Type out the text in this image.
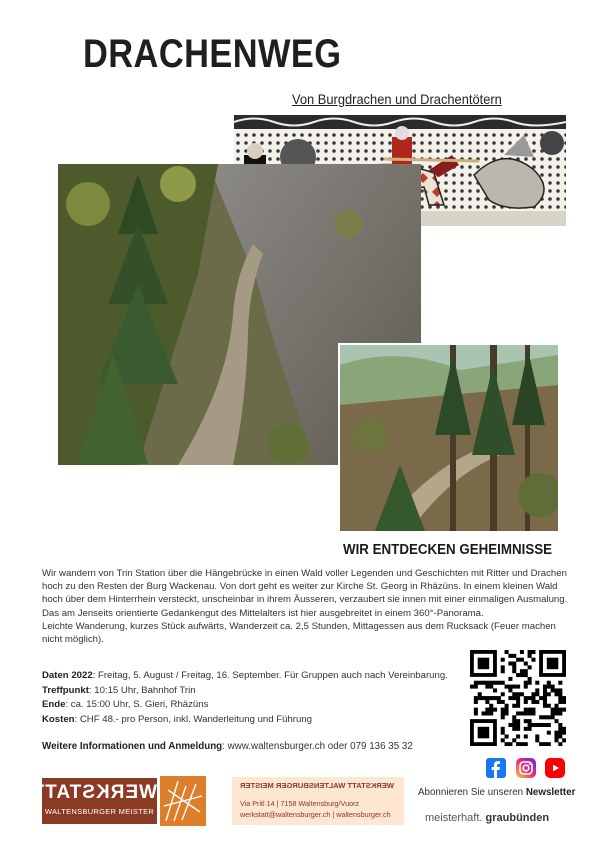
DRACHENWEG
Von Burgdrachen und Drachentötern
WIR ENTDECKEN GEHEIMNISSE

Wir wandern von Trin Station über die Hängebrücke in einen Wald voller Legenden und Geschichten mit Ritter und Drachen hoch zu den Resten der Burg Wackenau. Von dort geht es weiter zur Kirche St. Georg in Rhäzüns. In einem kleinen Wald hoch über dem Hinterrhein versteckt, unscheinbar in ihrem Äusseren, verzaubert sie innen mit einer einmaligen Ausmalung. Das am Jenseits orientierte Gedankengut des Mittelalters ist hier ausgebreitet in einem 360°-Panorama.

Leichte Wanderung, kurzes Stück aufwärts, Wanderzeit ca. 2,5 Stunden, Mittagessen aus dem Rucksack (Feuer machen nicht möglich).

Daten 2022: Freitag, 5. August / Freitag, 16. September. Für Gruppen auch nach Vereinbarung.
Treffpunkt: 10:15 Uhr, Bahnhof Trin
Ende: ca. 15:00 Uhr, S. Gieri, Rhäzüns
Kosten: CHF 48.- pro Person, inkl. Wanderleitung und Führung
Weitere Informationen und Anmeldung: www.waltensburger.ch oder 079 136 35 32
Abonnieren Sie unseren Newsletter
WERKSTATT
WALTENSBURGER MEISTER
WERKSTATT WALTENSBURGER MEISTER
Via Pritl 14 | 7158 Waltensburg/Vuorz
werkstatt@waltensburger.ch | waltensburger.ch	meisterhaft. graubünden
